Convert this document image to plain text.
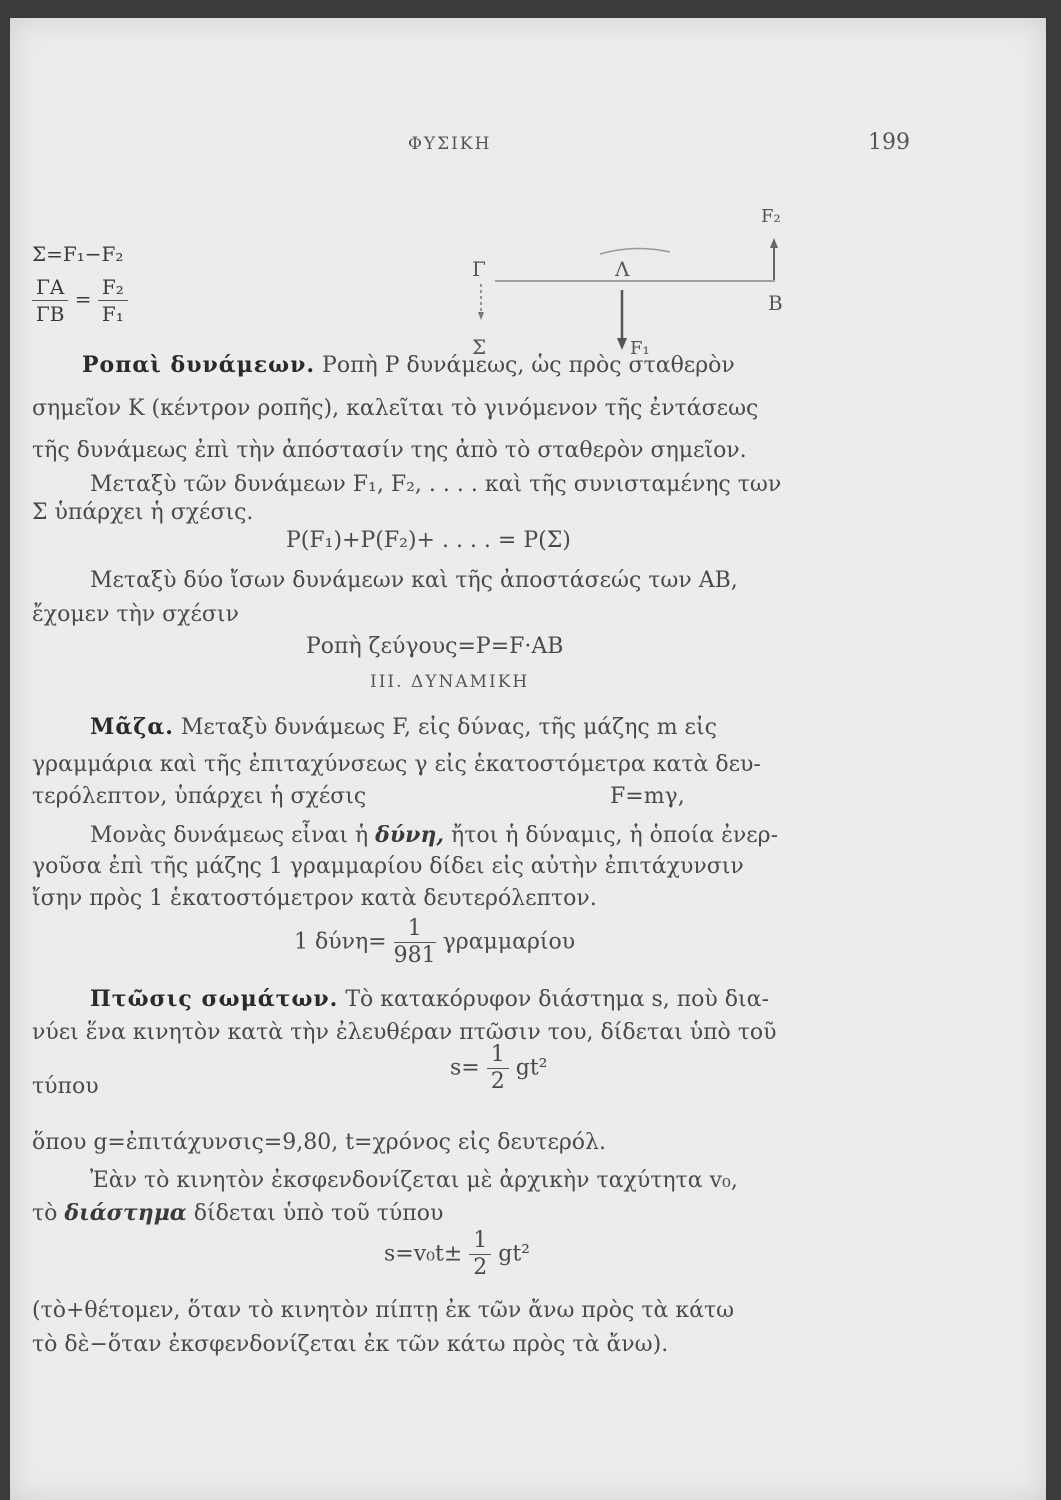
ΦΥΣΙΚΗ	199
Σ=F₁−F₂
$\frac{\Gamma A}{\Gamma B} = \frac{\text{F₂}}{\text{F₁}}$
F₂
Γ	Λ
Β
Σ	F₁
Ροπαὶ δυνάμεων. Ροπὴ Ρ δυνάμεως, ὡς πρὸς σταθερὸν
σημεῖον Κ (κέντρον ροπῆς), καλεῖται τὸ γινόμενον τῆς ἐντάσεως
τῆς δυνάμεως ἐπὶ τὴν ἀπόστασίν της ἀπὸ τὸ σταθερὸν σημεῖον.
Μεταξὺ τῶν δυνάμεων F₁, F₂, . . . . καὶ τῆς συνισταμένης των
Σ ὑπάρχει ἡ σχέσις.
Ρ(F₁)+Ρ(F₂)+ . . . . = Ρ(Σ)
Μεταξὺ δύο ἴσων δυνάμεων καὶ τῆς ἀποστάσεώς των ΑΒ,
ἔχομεν τὴν σχέσιν
Ροπὴ ζεύγους=Ρ=F·ΑΒ
ΙΙΙ. ΔΥΝΑΜΙΚΗ
Μᾶζα. Μεταξὺ δυνάμεως F, εἰς δύνας, τῆς μάζης m εἰς
γραμμάρια καὶ τῆς ἐπιταχύνσεως γ εἰς ἑκατοστόμετρα κατὰ δευ-
τερόλεπτον, ὑπάρχει ἡ σχέσις	F=mγ,
Μονὰς δυνάμεως εἶναι ἡ δύνη, ἤτοι ἡ δύναμις, ἡ ὁποία ἐνερ-
γοῦσα ἐπὶ τῆς μάζης 1 γραμμαρίου δίδει εἰς αὐτὴν ἐπιτάχυνσιν
ἴσην πρὸς 1 ἑκατοστόμετρον κατὰ δευτερόλεπτον.
1 $\delta ύ\nu\eta= \frac{1}{981}$ γραμμαρίου
Πτῶσις σωμάτων. Τὸ κατακόρυφον διάστημα s, ποὺ δια-
νύει ἕνα κινητὸν κατὰ τὴν ἐλευθέραν πτῶσιν του, δίδεται ὑπὸ τοῦ
τύπου
$s= \frac{1}{2} gt^2$
ὅπου g=ἐπιτάχυνσις=9,80, t=χρόνος εἰς δευτερόλ.
Ἐὰν τὸ κινητὸν ἐκσφενδονίζεται μὲ ἀρχικὴν ταχύτητα v₀,
τὸ διάστημα δίδεται ὑπὸ τοῦ τύπου
$s=v_0t\pm \frac{1}{2} gt^2$
(τὸ+θέτομεν, ὅταν τὸ κινητὸν πίπτῃ ἐκ τῶν ἄνω πρὸς τὰ κάτω
τὸ δὲ−ὅταν ἐκσφενδονίζεται ἐκ τῶν κάτω πρὸς τὰ ἄνω).
